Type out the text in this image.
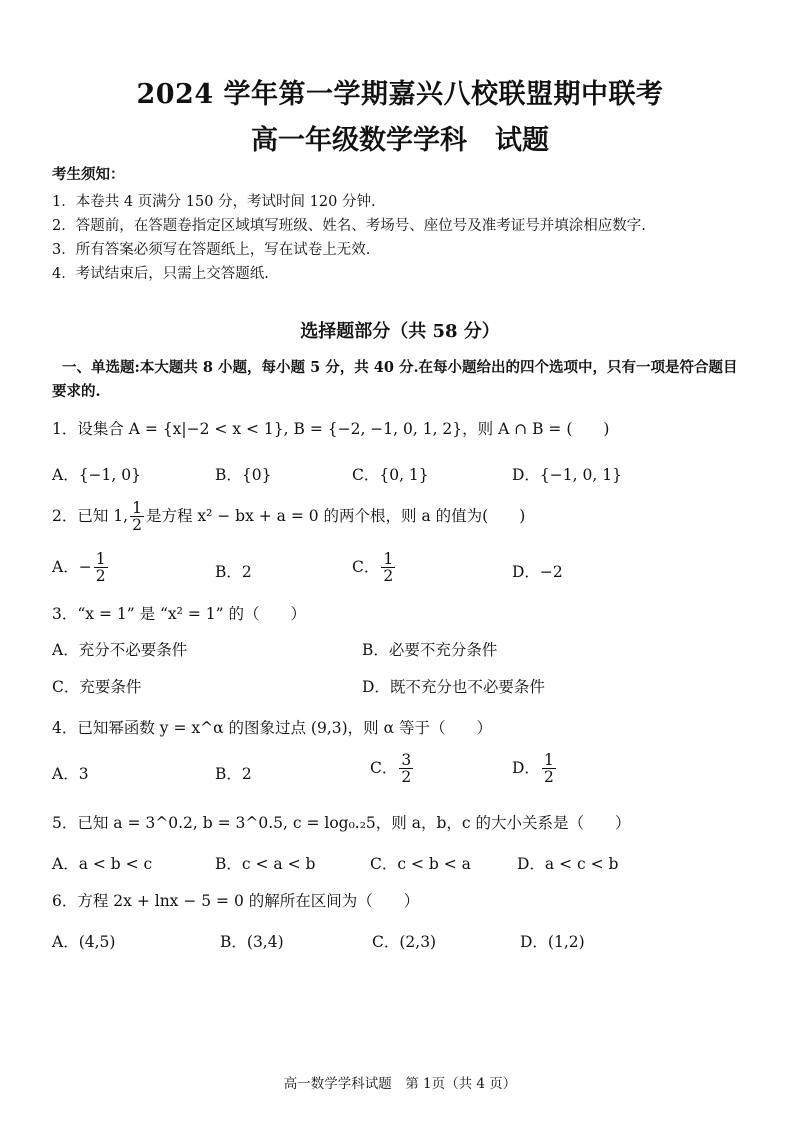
2024 学年第一学期嘉兴八校联盟期中联考
高一年级数学学科 试题
考生须知：
1．本卷共 4 页满分 150 分，考试时间 120 分钟.
2．答题前，在答题卷指定区域填写班级、姓名、考场号、座位号及准考证号并填涂相应数字.
3．所有答案必须写在答题纸上，写在试卷上无效.
4．考试结束后，只需上交答题纸.
选择题部分（共 58 分）
一、单选题:本大题共 8 小题，每小题 5 分，共 40 分.在每小题给出的四个选项中，只有一项是符合题目要求的.
1．设集合 A = {x|−2 < x < 1}, B = {−2, −1, 0, 1, 2}，则 A ∩ B = (　　)
A．{−1, 0}	B．{0}	C．{0, 1}	D．{−1, 0, 1}
2．已知 1, $\frac{1}{2}$ 是方程 x² − bx + a = 0 的两个根，则 a 的值为(　　)
A．− $\frac{1}{2}$	B．2	C． $\frac{1}{2}$	D．−2
3．“x = 1” 是 “x² = 1” 的（　　）
A．充分不必要条件	B．必要不充分条件
C．充要条件	D．既不充分也不必要条件
4．已知幂函数 y = x^α 的图象过点 (9,3)，则 α 等于（　　）
A．3	B．2	C． $\frac{3}{2}$	D． $\frac{1}{2}$
5．已知 a = 3^0.2, b = 3^0.5, c = log₀.₂5，则 a，b，c 的大小关系是（　　）
A．a < b < c	B．c < a < b	C．c < b < a	D．a < c < b
6．方程 2x + lnx − 5 = 0 的解所在区间为（　　）
A．(4,5)	B．(3,4)	C．(2,3)	D．(1,2)
高一数学学科试题　第 1页（共 4 页）
